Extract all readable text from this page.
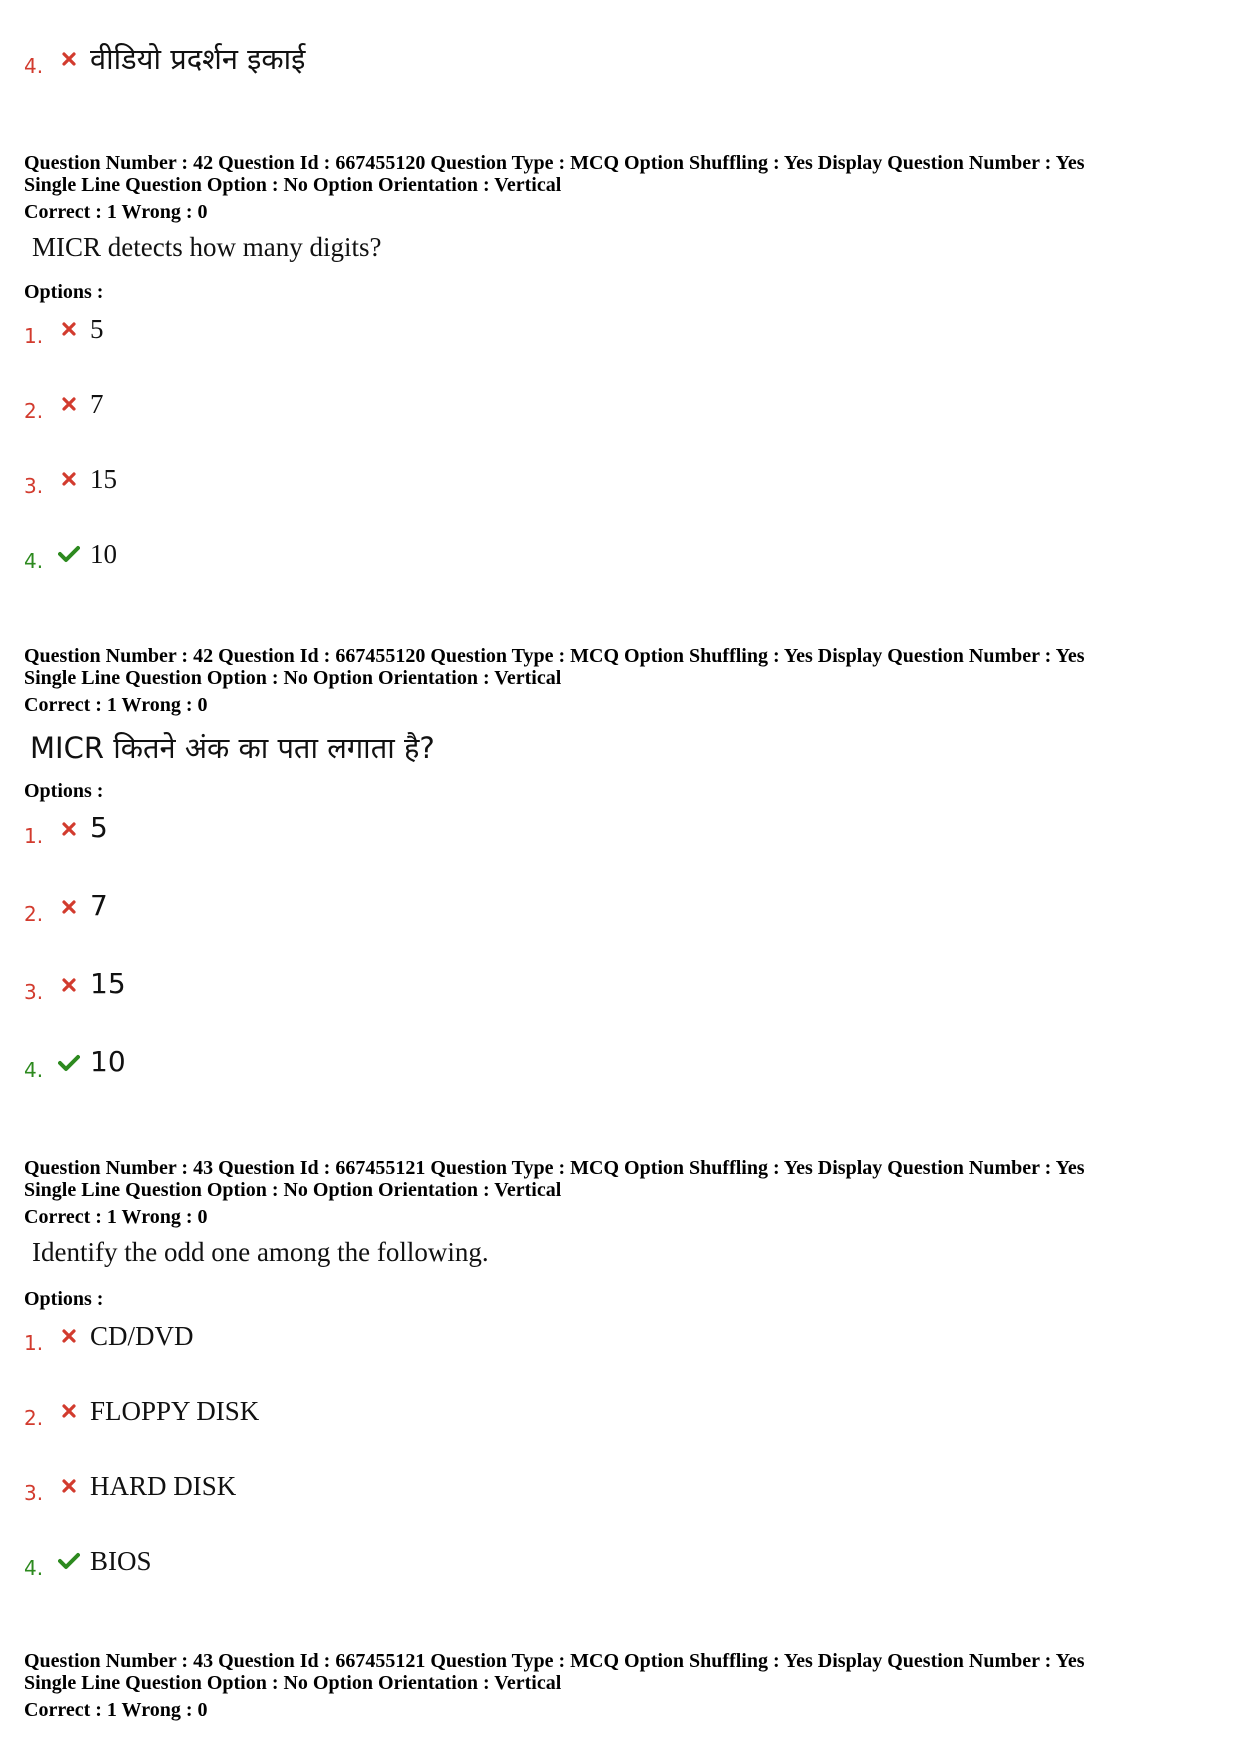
4.	वीडियो प्रदर्शन इकाई
Question Number : 42 Question Id : 667455120 Question Type : MCQ Option Shuffling : Yes Display Question Number : Yes
Single Line Question Option : No Option Orientation : Vertical
Correct : 1 Wrong : 0
MICR detects how many digits?
Options :
1.	5
2.	7
3.	15
4.	10
Question Number : 42 Question Id : 667455120 Question Type : MCQ Option Shuffling : Yes Display Question Number : Yes
Single Line Question Option : No Option Orientation : Vertical
Correct : 1 Wrong : 0
MICR कितने अंक का पता लगाता है?
Options :
1.	5
2.	7
3.	15
4.	10
Question Number : 43 Question Id : 667455121 Question Type : MCQ Option Shuffling : Yes Display Question Number : Yes
Single Line Question Option : No Option Orientation : Vertical
Correct : 1 Wrong : 0
Identify the odd one among the following.
Options :
1.	CD/DVD
2.	FLOPPY DISK
3.	HARD DISK
4.	BIOS
Question Number : 43 Question Id : 667455121 Question Type : MCQ Option Shuffling : Yes Display Question Number : Yes
Single Line Question Option : No Option Orientation : Vertical
Correct : 1 Wrong : 0
